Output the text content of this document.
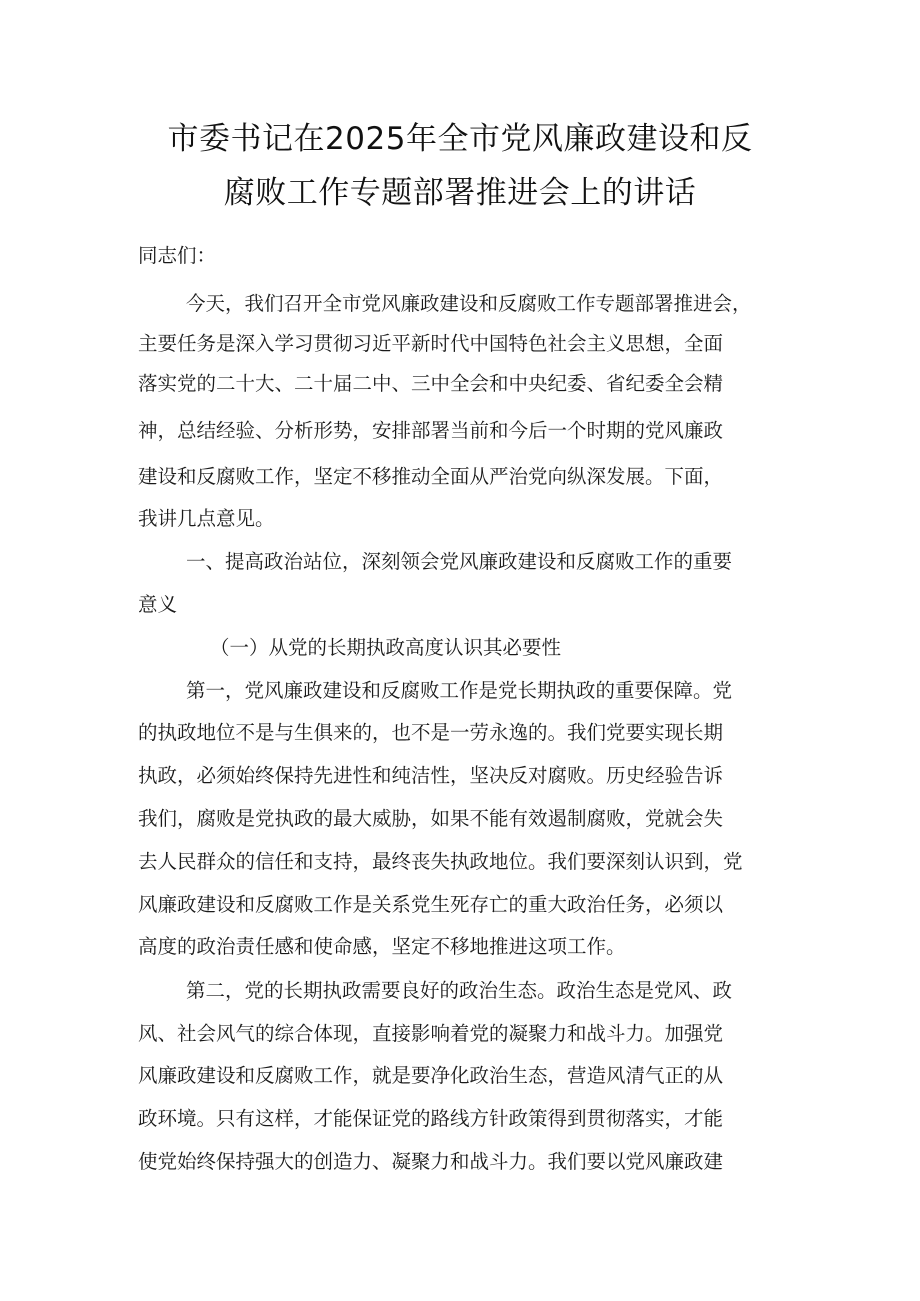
市委书记在2025年全市党风廉政建设和反
腐败工作专题部署推进会上的讲话
同志们：
今天，我们召开全市党风廉政建设和反腐败工作专题部署推进会，
主要任务是深入学习贯彻习近平新时代中国特色社会主义思想，全面
落实党的二十大、二十届二中、三中全会和中央纪委、省纪委全会精
神，总结经验、分析形势，安排部署当前和今后一个时期的党风廉政
建设和反腐败工作，坚定不移推动全面从严治党向纵深发展。下面，
我讲几点意见。
一、提高政治站位，深刻领会党风廉政建设和反腐败工作的重要
意义
（一）从党的长期执政高度认识其必要性
第一，党风廉政建设和反腐败工作是党长期执政的重要保障。党
的执政地位不是与生俱来的，也不是一劳永逸的。我们党要实现长期
执政，必须始终保持先进性和纯洁性，坚决反对腐败。历史经验告诉
我们，腐败是党执政的最大威胁，如果不能有效遏制腐败，党就会失
去人民群众的信任和支持，最终丧失执政地位。我们要深刻认识到，党
风廉政建设和反腐败工作是关系党生死存亡的重大政治任务，必须以
高度的政治责任感和使命感，坚定不移地推进这项工作。
第二，党的长期执政需要良好的政治生态。政治生态是党风、政
风、社会风气的综合体现，直接影响着党的凝聚力和战斗力。加强党
风廉政建设和反腐败工作，就是要净化政治生态，营造风清气正的从
政环境。只有这样，才能保证党的路线方针政策得到贯彻落实，才能
使党始终保持强大的创造力、凝聚力和战斗力。我们要以党风廉政建
